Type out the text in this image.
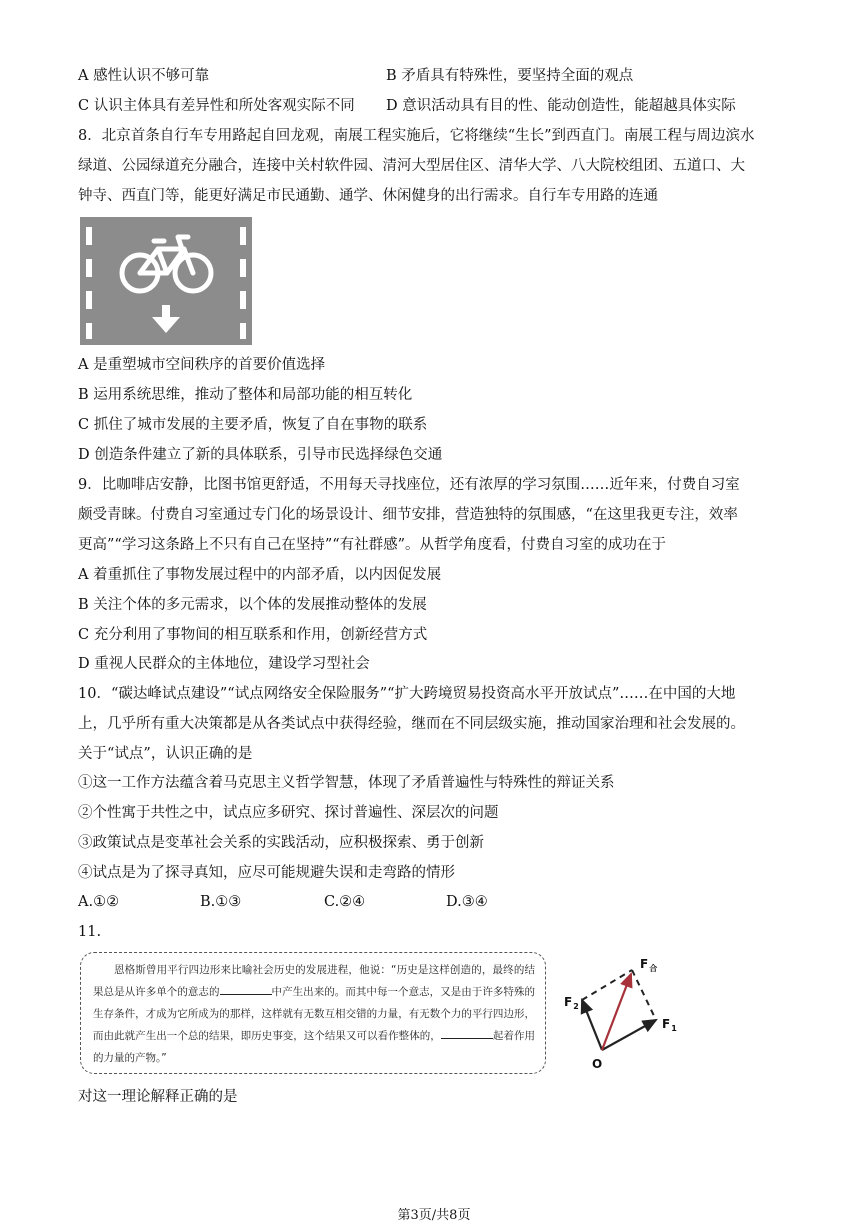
A 感性认识不够可靠	B 矛盾具有特殊性，要坚持全面的观点
C 认识主体具有差异性和所处客观实际不同 D 意识活动具有目的性、能动创造性，能超越具体实际
8．北京首条自行车专用路起自回龙观，南展工程实施后，它将继续“生长”到西直门。南展工程与周边滨水
绿道、公园绿道充分融合，连接中关村软件园、清河大型居住区、清华大学、八大院校组团、五道口、大
钟寺、西直门等，能更好满足市民通勤、通学、休闲健身的出行需求。自行车专用路的连通
A 是重塑城市空间秩序的首要价值选择
B 运用系统思维，推动了整体和局部功能的相互转化
C 抓住了城市发展的主要矛盾，恢复了自在事物的联系
D 创造条件建立了新的具体联系，引导市民选择绿色交通
9．比咖啡店安静，比图书馆更舒适，不用每天寻找座位，还有浓厚的学习氛围……近年来，付费自习室
颇受青睐。付费自习室通过专门化的场景设计、细节安排，营造独特的氛围感，“在这里我更专注，效率
更高”“学习这条路上不只有自己在坚持”“有社群感”。从哲学角度看，付费自习室的成功在于
A 着重抓住了事物发展过程中的内部矛盾，以内因促发展
B 关注个体的多元需求，以个体的发展推动整体的发展
C 充分利用了事物间的相互联系和作用，创新经营方式
D 重视人民群众的主体地位，建设学习型社会
10．“碳达峰试点建设”“试点网络安全保险服务”“扩大跨境贸易投资高水平开放试点”……在中国的大地
上，几乎所有重大决策都是从各类试点中获得经验，继而在不同层级实施，推动国家治理和社会发展的。
关于“试点”，认识正确的是
①这一工作方法蕴含着马克思主义哲学智慧，体现了矛盾普遍性与特殊性的辩证关系
②个性寓于共性之中，试点应多研究、探讨普遍性、深层次的问题
③政策试点是变革社会关系的实践活动，应积极探索、勇于创新
④试点是为了探寻真知，应尽可能规避失误和走弯路的情形
A.①②	B.①③	C.②④	D.③④
11.

恩格斯曾用平行四边形来比喻社会历史的发展进程，他说：“历史是这样创造的，最终的结果总是从许多单个的意志的	中产生出来的。而其中每一个意志，又是由于许多特殊的生存条件，才成为它所成为的那样，这样就有无数互相交错的力量，有无数个力的平行四边形，而由此就产生出一个总的结果，即历史事变，这个结果又可以看作整体的，	起着作用的力量的产物。”

$F_合$
$F_1$
$F_2$
O
对这一理论解释正确的是
第3页/共8页
